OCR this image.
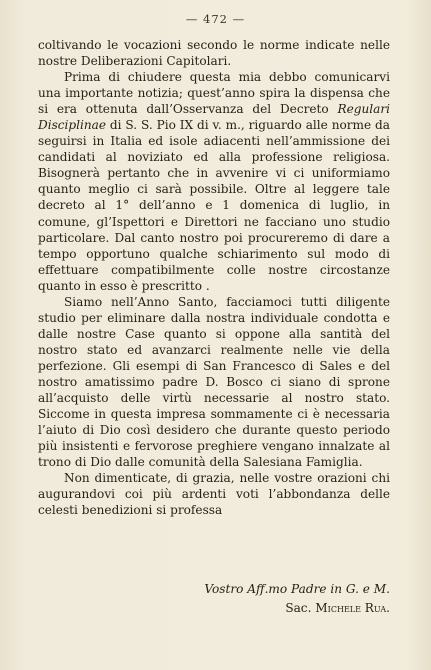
— 472 —

coltivando le vocazioni secondo le norme indicate nelle nostre Deliberazioni Capitolari.

Prima di chiudere questa mia debbo comunicarvi una importante notizia; quest’anno spira la dispensa che si era ottenuta dall’Osservanza del Decreto Regulari Disciplinae di S. S. Pio IX di v. m., riguardo alle norme da seguirsi in Italia ed isole adiacenti nell’ammissione dei candidati al noviziato ed alla professione religiosa. Bisognerà pertanto che in avvenire vi ci uniformiamo quanto meglio ci sarà possibile. Oltre al leggere tale decreto al 1° dell’anno e 1 domenica di luglio, in comune, gl’Ispettori e Direttori ne facciano uno studio particolare. Dal canto nostro poi procureremo di dare a tempo opportuno qualche schiarimento sul modo di effettuare compatibilmente colle nostre circostanze quanto in esso è prescritto .

Siamo nell’Anno Santo, facciamoci tutti diligente studio per eliminare dalla nostra individuale condotta e dalle nostre Case quanto si oppone alla santità del nostro stato ed avanzarci realmente nelle vie della perfezione. Gli esempi di San Francesco di Sales e del nostro amatissimo padre D. Bosco ci siano di sprone all’acquisto delle virtù necessarie al nostro stato. Siccome in questa impresa sommamente ci è necessaria l’aiuto di Dio così desidero che durante questo periodo più insistenti e fervorose preghiere vengano innalzate al trono di Dio dalle comunità della Salesiana Famiglia.

Non dimenticate, di grazia, nelle vostre orazioni chi augurandovi coi più ardenti voti l’abbondanza delle celesti benedizioni si professa

Vostro Aff.mo Padre in G. e M.
Sac. Michele Rua.
